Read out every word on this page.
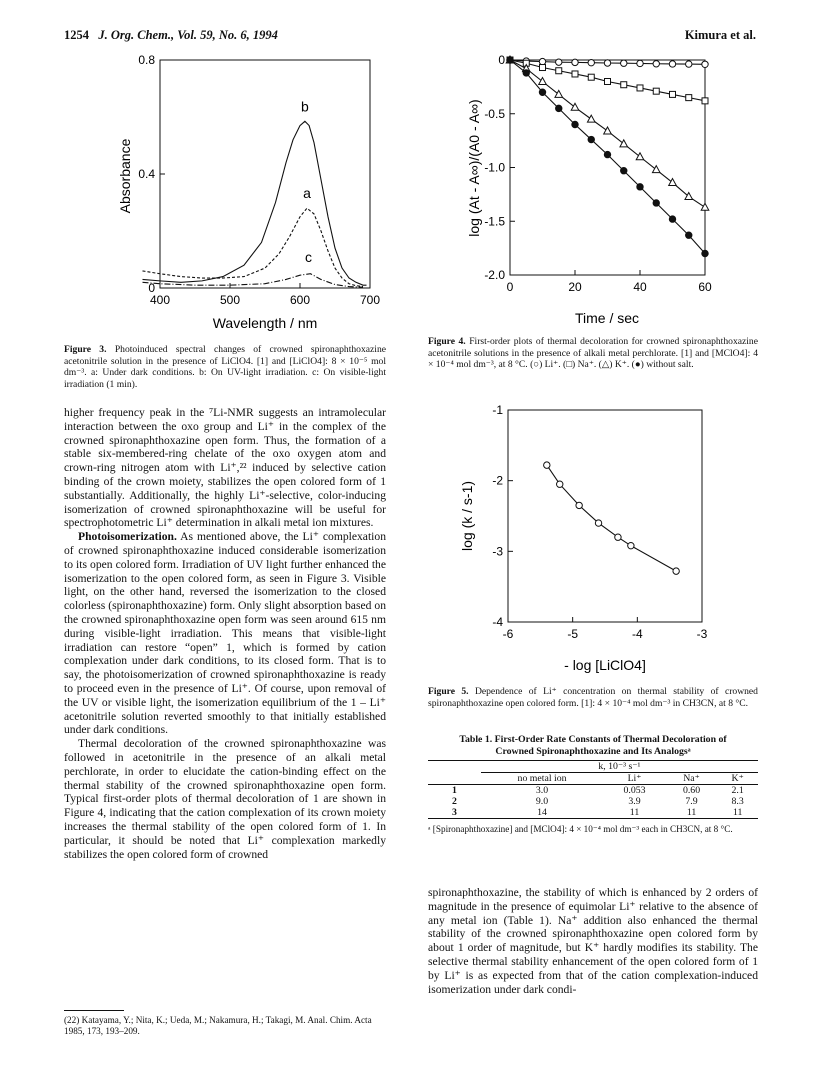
1254 J. Org. Chem., Vol. 59, No. 6, 1994	Kimura et al.
400	500	600	700
0
0.4
0.8
b
a
c
Wavelength / nm
Absorbance
Figure 3. Photoinduced spectral changes of crowned spironaphthoxazine acetonitrile solution in the presence of LiClO4. [1] and [LiClO4]: 8 × 10⁻⁵ mol dm⁻³. a: Under dark conditions. b: On UV-light irradiation. c: On visible-light irradiation (1 min).
0	20	40	60
0
-0.5
-1.0
-1.5
-2.0
Time / sec
log (At - A∞)/(A0 - A∞)
Figure 4. First-order plots of thermal decoloration for crowned spironaphthoxazine acetonitrile solutions in the presence of alkali metal perchlorate. [1] and [MClO4]: 4 × 10⁻⁴ mol dm⁻³, at 8 °C. (○) Li⁺. (□) Na⁺. (△) K⁺. (●) without salt.
-6	-5	-4	-3
-1
-2
-3
-4
- log [LiClO4]
log (k / s-1)
Figure 5. Dependence of Li⁺ concentration on thermal stability of crowned spironaphthoxazine open colored form. [1]: 4 × 10⁻⁴ mol dm⁻³ in CH3CN, at 8 °C.
Table 1. First-Order Rate Constants of Thermal Decoloration of Crowned Spironaphthoxazine and Its Analogsᵃ
	k, 10⁻³ s⁻¹			
	no metal ion	Li⁺	Na⁺	K⁺
1	3.0	0.053	0.60	2.1
2	9.0	3.9	7.9	8.3
3	14	11	11	11
ᵃ [Spironaphthoxazine] and [MClO4]: 4 × 10⁻⁴ mol dm⁻³ each in CH3CN, at 8 °C.

higher frequency peak in the ⁷Li-NMR suggests an intramolecular interaction between the oxo group and Li⁺ in the complex of the crowned spironaphthoxazine open form. Thus, the formation of a stable six-membered-ring chelate of the oxo oxygen atom and crown-ring nitrogen atom with Li⁺,²² induced by selective cation binding of the crown moiety, stabilizes the open colored form of 1 substantially. Additionally, the highly Li⁺-selective, color-inducing isomerization of crowned spironaphthoxazine will be useful for spectrophotometric Li⁺ determination in alkali metal ion mixtures.

Photoisomerization. As mentioned above, the Li⁺ complexation of crowned spironaphthoxazine induced considerable isomerization to its open colored form. Irradiation of UV light further enhanced the isomerization to the open colored form, as seen in Figure 3. Visible light, on the other hand, reversed the isomerization to the closed colorless (spironaphthoxazine) form. Only slight absorption based on the crowned spironaphthoxazine open form was seen around 615 nm during visible-light irradiation. This means that visible-light irradiation can restore “open” 1, which is formed by cation complexation under dark conditions, to its closed form. That is to say, the photoisomerization of crowned spironaphthoxazine is ready to proceed even in the presence of Li⁺. Of course, upon removal of the UV or visible light, the isomerization equilibrium of the 1 – Li⁺ acetonitrile solution reverted smoothly to that initially established under dark conditions.

Thermal decoloration of the crowned spironaphthoxazine was followed in acetonitrile in the presence of an alkali metal perchlorate, in order to elucidate the cation-binding effect on the thermal stability of the crowned spironaphthoxazine open form. Typical first-order plots of thermal decoloration of 1 are shown in Figure 4, indicating that the cation complexation of its crown moiety increases the thermal stability of the open colored form of 1. In particular, it should be noted that Li⁺ complexation markedly stabilizes the open colored form of crowned

(22) Katayama, Y.; Nita, K.; Ueda, M.; Nakamura, H.; Takagi, M. Anal. Chim. Acta 1985, 173, 193–209.

spironaphthoxazine, the stability of which is enhanced by 2 orders of magnitude in the presence of equimolar Li⁺ relative to the absence of any metal ion (Table 1). Na⁺ addition also enhanced the thermal stability of the crowned spironaphthoxazine open colored form by about 1 order of magnitude, but K⁺ hardly modifies its stability. The selective thermal stability enhancement of the open colored form of 1 by Li⁺ is as expected from that of the cation complexation-induced isomerization under dark condi-
